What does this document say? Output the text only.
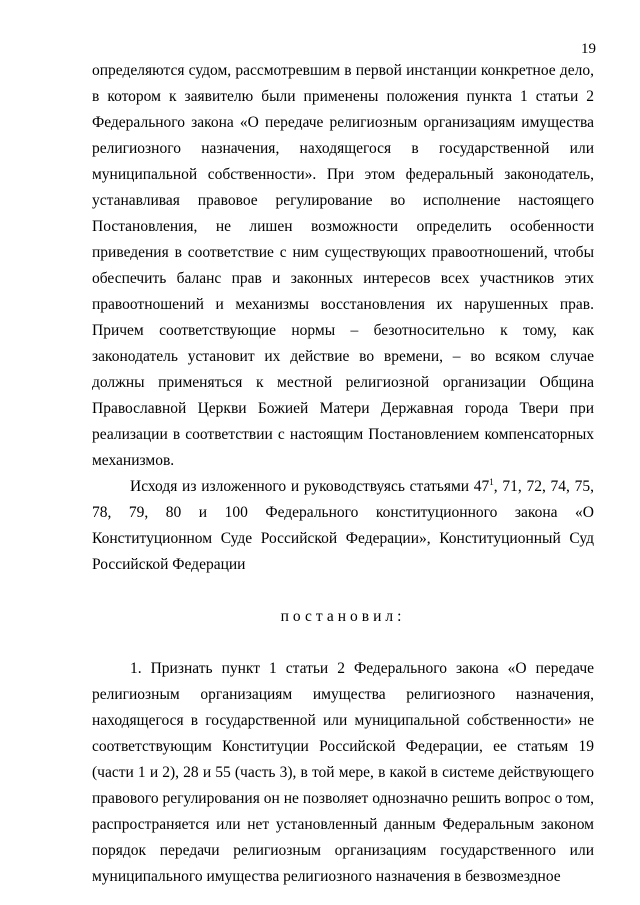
19

определяются судом, рассмотревшим в первой инстанции конкретное дело, в котором к заявителю были применены положения пункта 1 статьи 2 Федерального закона «О передаче религиозным организациям имущества религиозного назначения, находящегося в государственной или муниципальной собственности». При этом федеральный законодатель, устанавливая правовое регулирование во исполнение настоящего Постановления, не лишен возможности определить особенности приведения в соответствие с ним существующих правоотношений, чтобы обеспечить баланс прав и законных интересов всех участников этих правоотношений и механизмы восстановления их нарушенных прав. Причем соответствующие нормы – безотносительно к тому, как законодатель установит их действие во времени, – во всяком случае должны применяться к местной религиозной организации Община Православной Церкви Божией Матери Державная города Твери при реализации в соответствии с настоящим Постановлением компенсаторных механизмов.

Исходя из изложенного и руководствуясь статьями $47^1$, 71, 72, 74, 75, 78, 79, 80 и 100 Федерального конституционного закона «О Конституционном Суде Российской Федерации», Конституционный Суд Российской Федерации

постановил:

1. Признать пункт 1 статьи 2 Федерального закона «О передаче религиозным организациям имущества религиозного назначения, находящегося в государственной или муниципальной собственности» не соответствующим Конституции Российской Федерации, ее статьям 19 (части 1 и 2), 28 и 55 (часть 3), в той мере, в какой в системе действующего правового регулирования он не позволяет однозначно решить вопрос о том, распространяется или нет установленный данным Федеральным законом порядок передачи религиозным организациям государственного или муниципального имущества религиозного назначения в безвозмездное
